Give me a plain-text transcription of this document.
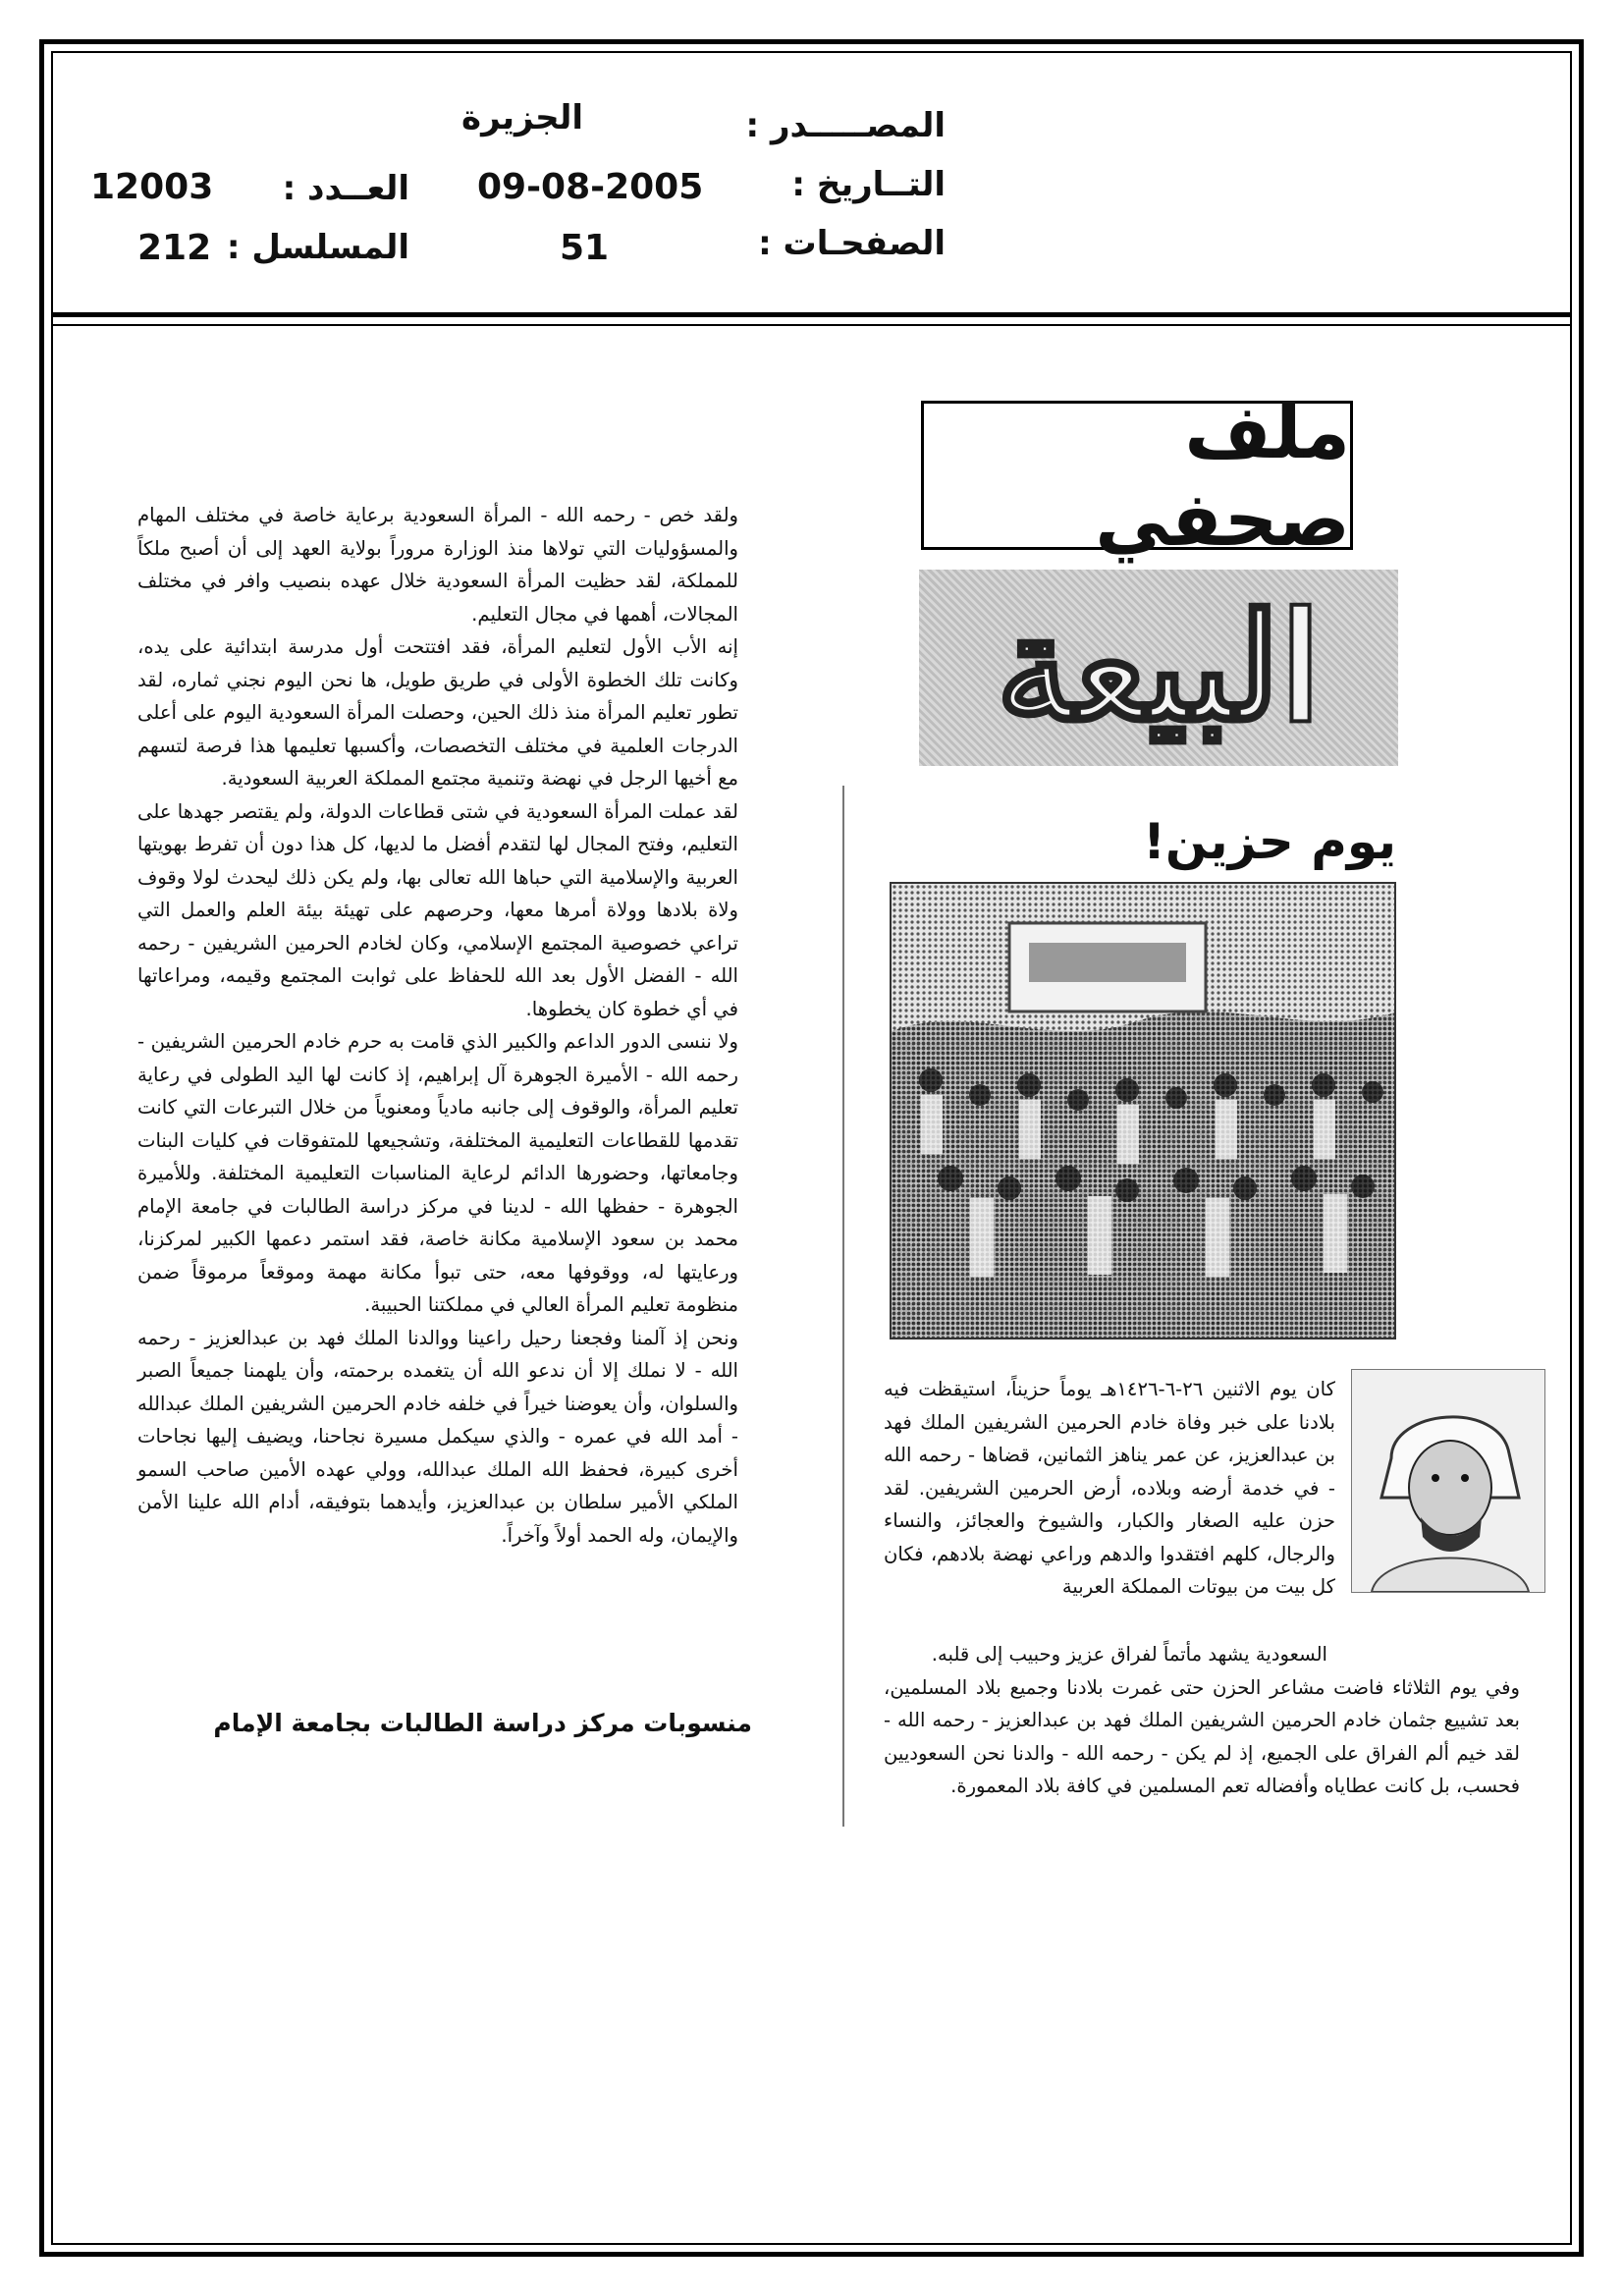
المصـــــدر :
الجزيرة
التــاريخ :
09-08-2005
العــدد :
12003
الصفحـات :
51
المسلسل :
212
ملف صحفي
البيعة
يوم حزين!

كان يوم الاثنين ٢٦-٦-١٤٢٦هـ يوماً حزيناً، استيقظت فيه بلادنا على خبر وفاة خادم الحرمين الشريفين الملك فهد بن عبدالعزيز، عن عمر يناهز الثمانين، قضاها - رحمه الله - في خدمة أرضه وبلاده، أرض الحرمين الشريفين. لقد حزن عليه الصغار والكبار، والشيوخ والعجائز، والنساء والرجال، كلهم افتقدوا والدهم وراعي نهضة بلادهم، فكان كل بيت من بيوتات المملكة العربية

السعودية يشهد مأتماً لفراق عزيز وحبيب إلى قلبه.

وفي يوم الثلاثاء فاضت مشاعر الحزن حتى غمرت بلادنا وجميع بلاد المسلمين، بعد تشييع جثمان خادم الحرمين الشريفين الملك فهد بن عبدالعزيز - رحمه الله - لقد خيم ألم الفراق على الجميع، إذ لم يكن - رحمه الله - والدنا نحن السعوديين فحسب، بل كانت عطاياه وأفضاله تعم المسلمين في كافة بلاد المعمورة.

ولقد خص - رحمه الله - المرأة السعودية برعاية خاصة في مختلف المهام والمسؤوليات التي تولاها منذ الوزارة مروراً بولاية العهد إلى أن أصبح ملكاً للمملكة، لقد حظيت المرأة السعودية خلال عهده بنصيب وافر في مختلف المجالات، أهمها في مجال التعليم.

إنه الأب الأول لتعليم المرأة، فقد افتتحت أول مدرسة ابتدائية على يده، وكانت تلك الخطوة الأولى في طريق طويل، ها نحن اليوم نجني ثماره، لقد تطور تعليم المرأة منذ ذلك الحين، وحصلت المرأة السعودية اليوم على أعلى الدرجات العلمية في مختلف التخصصات، وأكسبها تعليمها هذا فرصة لتسهم مع أخيها الرجل في نهضة وتنمية مجتمع المملكة العربية السعودية.

لقد عملت المرأة السعودية في شتى قطاعات الدولة، ولم يقتصر جهدها على التعليم، وفتح المجال لها لتقدم أفضل ما لديها، كل هذا دون أن تفرط بهويتها العربية والإسلامية التي حباها الله تعالى بها، ولم يكن ذلك ليحدث لولا وقوف ولاة بلادها وولاة أمرها معها، وحرصهم على تهيئة بيئة العلم والعمل التي تراعي خصوصية المجتمع الإسلامي، وكان لخادم الحرمين الشريفين - رحمه الله - الفضل الأول بعد الله للحفاظ على ثوابت المجتمع وقيمه، ومراعاتها في أي خطوة كان يخطوها.

ولا ننسى الدور الداعم والكبير الذي قامت به حرم خادم الحرمين الشريفين - رحمه الله - الأميرة الجوهرة آل إبراهيم، إذ كانت لها اليد الطولى في رعاية تعليم المرأة، والوقوف إلى جانبه مادياً ومعنوياً من خلال التبرعات التي كانت تقدمها للقطاعات التعليمية المختلفة، وتشجيعها للمتفوقات في كليات البنات وجامعاتها، وحضورها الدائم لرعاية المناسبات التعليمية المختلفة. وللأميرة الجوهرة - حفظها الله - لدينا في مركز دراسة الطالبات في جامعة الإمام محمد بن سعود الإسلامية مكانة خاصة، فقد استمر دعمها الكبير لمركزنا، ورعايتها له، ووقوفها معه، حتى تبوأ مكانة مهمة وموقعاً مرموقاً ضمن منظومة تعليم المرأة العالي في مملكتنا الحبيبة.

ونحن إذ آلمنا وفجعنا رحيل راعينا ووالدنا الملك فهد بن عبدالعزيز - رحمه الله - لا نملك إلا أن ندعو الله أن يتغمده برحمته، وأن يلهمنا جميعاً الصبر والسلوان، وأن يعوضنا خيراً في خلفه خادم الحرمين الشريفين الملك عبدالله - أمد الله في عمره - والذي سيكمل مسيرة نجاحنا، ويضيف إليها نجاحات أخرى كبيرة، فحفظ الله الملك عبدالله، وولي عهده الأمين صاحب السمو الملكي الأمير سلطان بن عبدالعزيز، وأيدهما بتوفيقه، أدام الله علينا الأمن والإيمان، وله الحمد أولاً وآخراً.

منسوبات مركز دراسة الطالبات بجامعة الإمام
